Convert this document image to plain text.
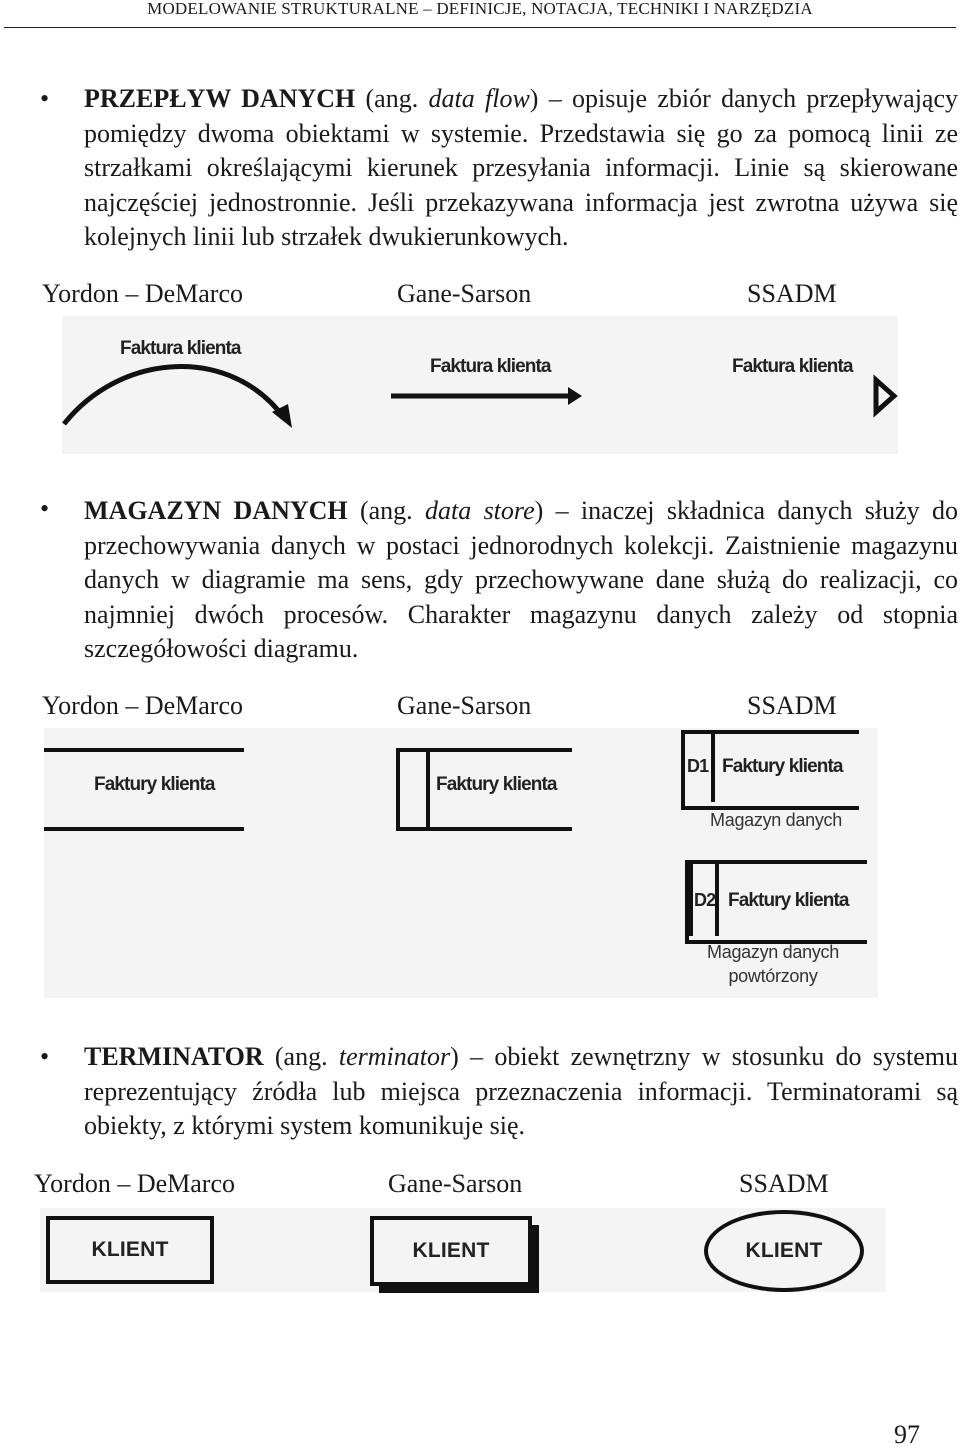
MODELOWANIE STRUKTURALNE – DEFINICJE, NOTACJA, TECHNIKI I NARZĘDZIA
• PRZEPŁYW DANYCH (ang. data flow) – opisuje zbiór danych przepływający pomiędzy dwoma obiektami w systemie. Przedstawia się go za pomocą linii ze strzałkami określającymi kierunek przesyłania informacji. Linie są skierowane najczęściej jednostronnie. Jeśli przekazywana informacja jest zwrotna używa się kolejnych linii lub strzałek dwukierunkowych.
Yordon – DeMarco	Gane-Sarson	SSADM
Faktura klienta
Faktura klienta	Faktura klienta
• MAGAZYN DANYCH (ang. data store) – inaczej składnica danych służy do przechowywania danych w postaci jednorodnych kolekcji. Zaistnienie magazynu danych w diagramie ma sens, gdy przechowywane dane służą do realizacji, co najmniej dwóch procesów. Charakter magazynu danych zależy od stopnia szczegółowości diagramu.
Yordon – DeMarco	Gane-Sarson	SSADM
Faktury klienta	Faktury klienta
D1 Faktury klienta
Magazyn danych
D2 Faktury klienta
Magazyn danych powtórzony
• TERMINATOR (ang. terminator) – obiekt zewnętrzny w stosunku do systemu reprezentujący źródła lub miejsca przeznaczenia informacji. Terminatorami są obiekty, z którymi system komunikuje się.
Yordon – DeMarco	Gane-Sarson	SSADM
KLIENT	KLIENT	KLIENT
97
